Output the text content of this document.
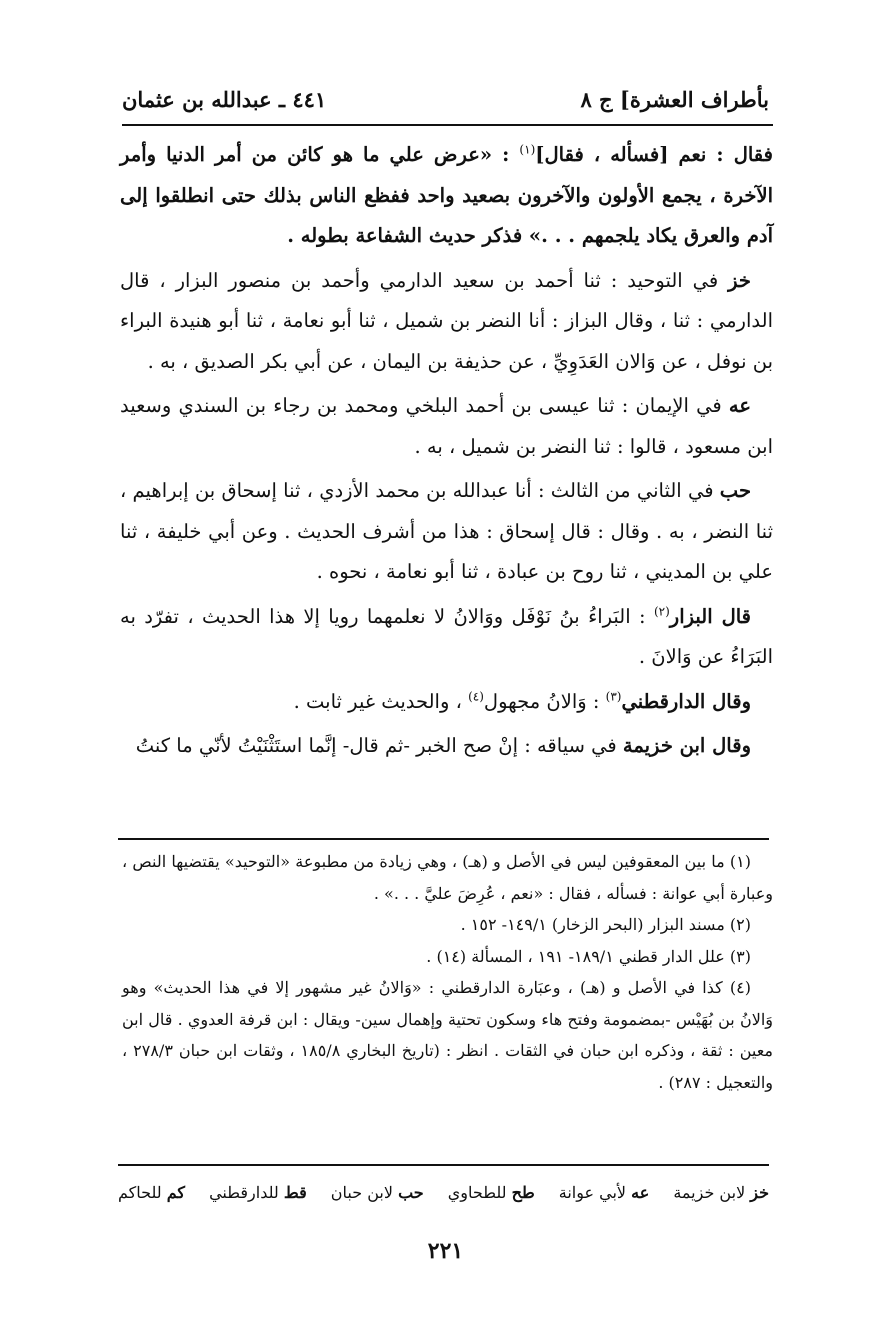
بأطراف العشرة] ج ٨
٤٤١ ـ عبدالله بن عثمان

فقال : نعم [فسأله ، فقال]$^{(١)}$ : «عرض علي ما هو كائن من أمر الدنيا وأمر الآخرة ، يجمع الأولون والآخرون بصعيد واحد ففظع الناس بذلك حتى انطلقوا إلى آدم والعرق يكاد يلجمهم . . .» فذكر حديث الشفاعة بطوله .

خز في التوحيد : ثنا أحمد بن سعيد الدارمي وأحمد بن منصور البزار ، قال الدارمي : ثنا ، وقال البزاز : أنا النضر بن شميل ، ثنا أبو نعامة ، ثنا أبو هنيدة البراء بن نوفل ، عن وَالان العَدَوِيِّ ، عن حذيفة بن اليمان ، عن أبي بكر الصديق ، به .

عه في الإيمان : ثنا عيسى بن أحمد البلخي ومحمد بن رجاء بن السندي وسعيد ابن مسعود ، قالوا : ثنا النضر بن شميل ، به .

حب في الثاني من الثالث : أنا عبدالله بن محمد الأزدي ، ثنا إسحاق بن إبراهيم ، ثنا النضر ، به . وقال : قال إسحاق : هذا من أشرف الحديث . وعن أبي خليفة ، ثنا علي بن المديني ، ثنا روح بن عبادة ، ثنا أبو نعامة ، نحوه .

قال البزار$^{(٢)}$ : البَراءُ بنُ نَوْفَل ووَالانُ لا نعلمهما رويا إلا هذا الحديث ، تفرّد به البَرَاءُ عن وَالانَ .

وقال الدارقطني$^{(٣)}$ : وَالانُ مجهول$^{(٤)}$ ، والحديث غير ثابت .

وقال ابن خزيمة في سياقه : إنْ صح الخبر -ثم قال- إنَّما استَثْنَيْتُ لأنّي ما كنتُ

(١) ما بين المعقوفين ليس في الأصل و (هـ) ، وهي زيادة من مطبوعة «التوحيد» يقتضيها النص ، وعبارة أبي عوانة : فسأله ، فقال : «نعم ، عُرِضَ عليَّ . . .» .

(٢) مسند البزار (البحر الزخار) ١٤٩/١- ١٥٢ .

(٣) علل الدار قطني ١٨٩/١- ١٩١ ، المسألة (١٤) .

(٤) كذا في الأصل و (هـ) ، وعبَارة الدارقطني : «وَالانُ غير مشهور إلا في هذا الحديث» وهو وَالانُ بن بُهَيْس -بمضمومة وفتح هاء وسكون تحتية وإهمال سين- ويقال : ابن قرفة العدوي . قال ابن معين : ثقة ، وذكره ابن حبان في الثقات . انظر : (تاريخ البخاري ١٨٥/٨ ، وثقات ابن حبان ٢٧٨/٣ ، والتعجيل : ٢٨٧) .

خز لابن خزيمة
عه لأبي عوانة
طح للطحاوي
حب لابن حبان
قط للدارقطني
كم للحاكم
٢٢١
